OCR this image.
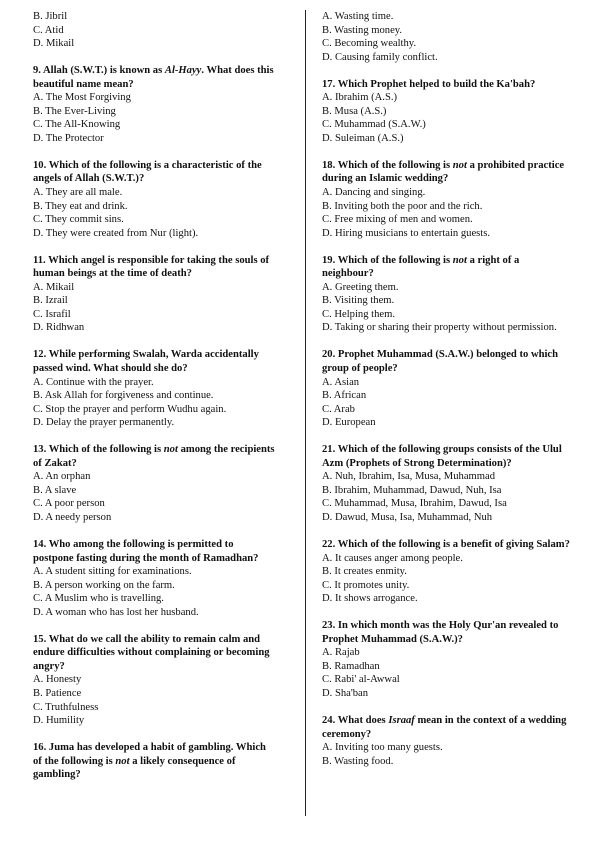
B. Jibril
C. Atid
D. Mikail
9. Allah (S.W.T.) is known as Al-Hayy. What does this beautiful name mean?
A. The Most Forgiving
B. The Ever-Living
C. The All-Knowing
D. The Protector
10. Which of the following is a characteristic of the angels of Allah (S.W.T.)?
A. They are all male.
B. They eat and drink.
C. They commit sins.
D. They were created from Nur (light).
11. Which angel is responsible for taking the souls of human beings at the time of death?
A. Mikail
B. Izrail
C. Israfil
D. Ridhwan
12. While performing Swalah, Warda accidentally passed wind. What should she do?
A. Continue with the prayer.
B. Ask Allah for forgiveness and continue.
C. Stop the prayer and perform Wudhu again.
D. Delay the prayer permanently.
13. Which of the following is not among the recipients of Zakat?
A. An orphan
B. A slave
C. A poor person
D. A needy person
14. Who among the following is permitted to postpone fasting during the month of Ramadhan?
A. A student sitting for examinations.
B. A person working on the farm.
C. A Muslim who is travelling.
D. A woman who has lost her husband.
15. What do we call the ability to remain calm and endure difficulties without complaining or becoming angry?
A. Honesty
B. Patience
C. Truthfulness
D. Humility
16. Juma has developed a habit of gambling. Which of the following is not a likely consequence of gambling?
A. Wasting time.
B. Wasting money.
C. Becoming wealthy.
D. Causing family conflict.
17. Which Prophet helped to build the Ka'bah?
A. Ibrahim (A.S.)
B. Musa (A.S.)
C. Muhammad (S.A.W.)
D. Suleiman (A.S.)
18. Which of the following is not a prohibited practice during an Islamic wedding?
A. Dancing and singing.
B. Inviting both the poor and the rich.
C. Free mixing of men and women.
D. Hiring musicians to entertain guests.
19. Which of the following is not a right of a neighbour?
A. Greeting them.
B. Visiting them.
C. Helping them.
D. Taking or sharing their property without permission.
20. Prophet Muhammad (S.A.W.) belonged to which group of people?
A. Asian
B. African
C. Arab
D. European
21. Which of the following groups consists of the Ulul Azm (Prophets of Strong Determination)?
A. Nuh, Ibrahim, Isa, Musa, Muhammad
B. Ibrahim, Muhammad, Dawud, Nuh, Isa
C. Muhammad, Musa, Ibrahim, Dawud, Isa
D. Dawud, Musa, Isa, Muhammad, Nuh
22. Which of the following is a benefit of giving Salam?
A. It causes anger among people.
B. It creates enmity.
C. It promotes unity.
D. It shows arrogance.
23. In which month was the Holy Qur'an revealed to Prophet Muhammad (S.A.W.)?
A. Rajab
B. Ramadhan
C. Rabi' al-Awwal
D. Sha'ban
24. What does Israaf mean in the context of a wedding ceremony?
A. Inviting too many guests.
B. Wasting food.
